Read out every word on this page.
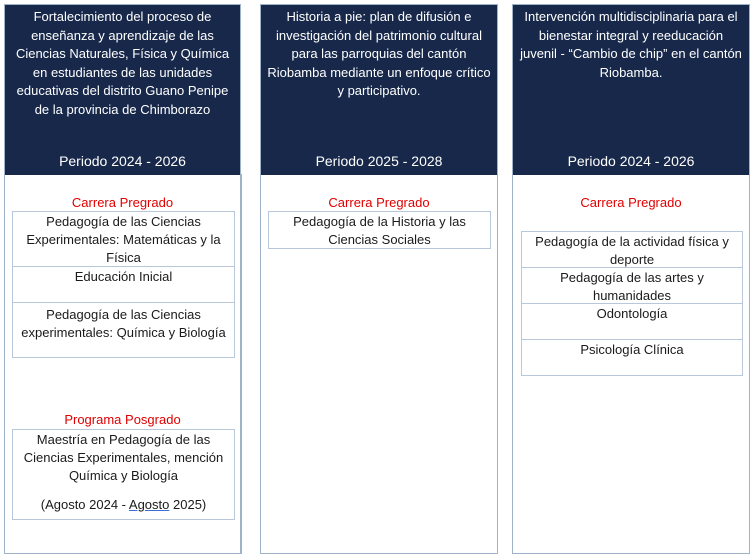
Fortalecimiento del proceso de enseñanza y aprendizaje de las Ciencias Naturales, Física y Química en estudiantes de las unidades educativas del distrito Guano Penipe de la provincia de Chimborazo
Periodo 2024 - 2026
Carrera Pregrado
Pedagogía de las Ciencias Experimentales: Matemáticas y la Física
Educación Inicial
Pedagogía de las Ciencias experimentales: Química y Biología
Programa Posgrado
Maestría en Pedagogía de las Ciencias Experimentales, mención Química y Biología
(Agosto 2024 - Agosto 2025)
Historia a pie: plan de difusión e investigación del patrimonio cultural para las parroquias del cantón Riobamba mediante un enfoque crítico y participativo.
Periodo 2025 - 2028
Carrera Pregrado
Pedagogía de la Historia y las Ciencias Sociales
Intervención multidisciplinaria para el bienestar integral y reeducación juvenil - “Cambio de chip” en el cantón Riobamba.
Periodo 2024 - 2026
Carrera Pregrado
Pedagogía de la actividad física y deporte
Pedagogía de las artes y humanidades
Odontología
Psicología Clínica
